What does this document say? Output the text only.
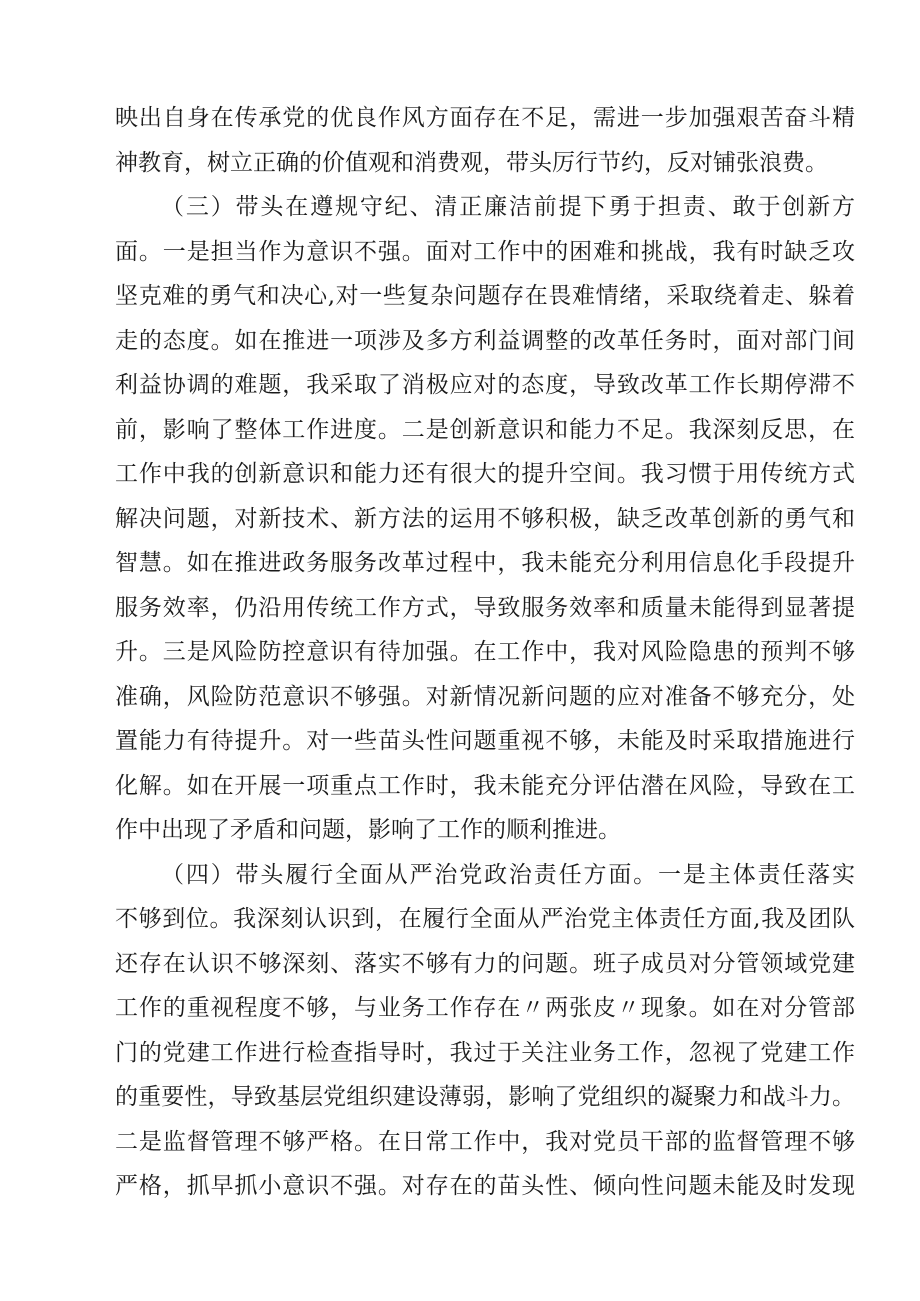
映出自身在传承党的优良作风方面存在不足，需进一步加强艰苦奋斗精
神教育，树立正确的价值观和消费观，带头厉行节约，反对铺张浪费。
（三）带头在遵规守纪、清正廉洁前提下勇于担责、敢于创新方
面。一是担当作为意识不强。面对工作中的困难和挑战，我有时缺乏攻
坚克难的勇气和决心,对一些复杂问题存在畏难情绪，采取绕着走、躲着
走的态度。如在推进一项涉及多方利益调整的改革任务时，面对部门间
利益协调的难题，我采取了消极应对的态度，导致改革工作长期停滞不
前，影响了整体工作进度。二是创新意识和能力不足。我深刻反思，在
工作中我的创新意识和能力还有很大的提升空间。我习惯于用传统方式
解决问题，对新技术、新方法的运用不够积极，缺乏改革创新的勇气和
智慧。如在推进政务服务改革过程中，我未能充分利用信息化手段提升
服务效率，仍沿用传统工作方式，导致服务效率和质量未能得到显著提
升。三是风险防控意识有待加强。在工作中，我对风险隐患的预判不够
准确，风险防范意识不够强。对新情况新问题的应对准备不够充分，处
置能力有待提升。对一些苗头性问题重视不够，未能及时采取措施进行
化解。如在开展一项重点工作时，我未能充分评估潜在风险，导致在工
作中出现了矛盾和问题，影响了工作的顺利推进。
（四）带头履行全面从严治党政治责任方面。一是主体责任落实
不够到位。我深刻认识到，在履行全面从严治党主体责任方面,我及团队
还存在认识不够深刻、落实不够有力的问题。班子成员对分管领域党建
工作的重视程度不够，与业务工作存在〃两张皮〃现象。如在对分管部
门的党建工作进行检查指导时，我过于关注业务工作，忽视了党建工作
的重要性，导致基层党组织建设薄弱，影响了党组织的凝聚力和战斗力。
二是监督管理不够严格。在日常工作中，我对党员干部的监督管理不够
严格，抓早抓小意识不强。对存在的苗头性、倾向性问题未能及时发现
